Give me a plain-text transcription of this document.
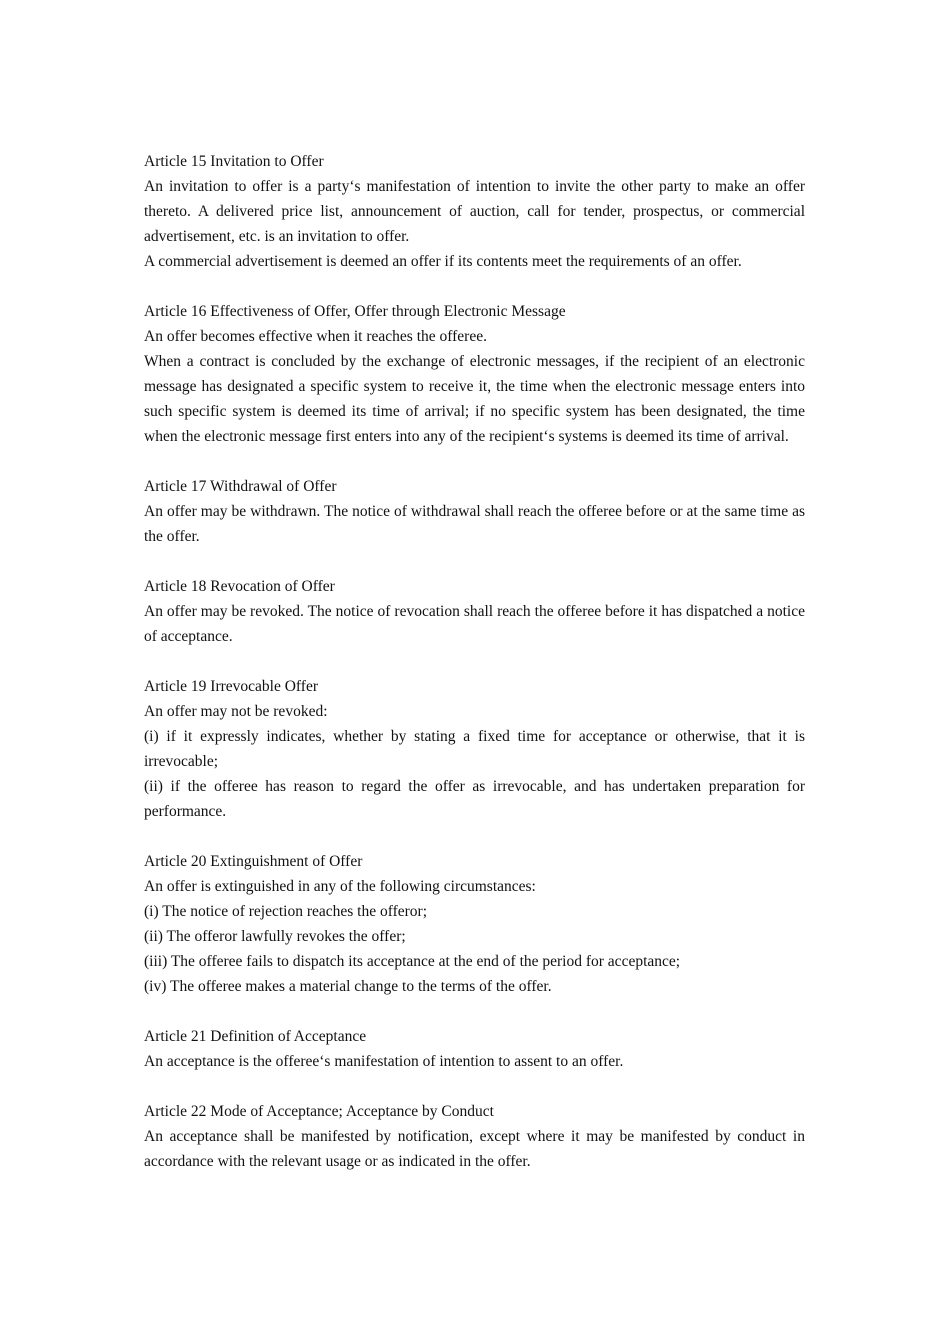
Article 15 Invitation to Offer

An invitation to offer is a party‘s manifestation of intention to invite the other party to make an offer thereto. A delivered price list, announcement of auction, call for tender, prospectus, or commercial advertisement, etc. is an invitation to offer.

A commercial advertisement is deemed an offer if its contents meet the requirements of an offer.

Article 16 Effectiveness of Offer, Offer through Electronic Message

An offer becomes effective when it reaches the offeree.

When a contract is concluded by the exchange of electronic messages, if the recipient of an electronic message has designated a specific system to receive it, the time when the electronic message enters into such specific system is deemed its time of arrival; if no specific system has been designated, the time when the electronic message first enters into any of the recipient‘s systems is deemed its time of arrival.

Article 17 Withdrawal of Offer

An offer may be withdrawn. The notice of withdrawal shall reach the offeree before or at the same time as the offer.

Article 18 Revocation of Offer

An offer may be revoked. The notice of revocation shall reach the offeree before it has dispatched a notice of acceptance.

Article 19 Irrevocable Offer

An offer may not be revoked:

(i) if it expressly indicates, whether by stating a fixed time for acceptance or otherwise, that it is irrevocable;

(ii) if the offeree has reason to regard the offer as irrevocable, and has undertaken preparation for performance.

Article 20 Extinguishment of Offer

An offer is extinguished in any of the following circumstances:

(i) The notice of rejection reaches the offeror;

(ii) The offeror lawfully revokes the offer;

(iii) The offeree fails to dispatch its acceptance at the end of the period for acceptance;

(iv) The offeree makes a material change to the terms of the offer.

Article 21 Definition of Acceptance

An acceptance is the offeree‘s manifestation of intention to assent to an offer.

Article 22 Mode of Acceptance; Acceptance by Conduct

An acceptance shall be manifested by notification, except where it may be manifested by conduct in accordance with the relevant usage or as indicated in the offer.
